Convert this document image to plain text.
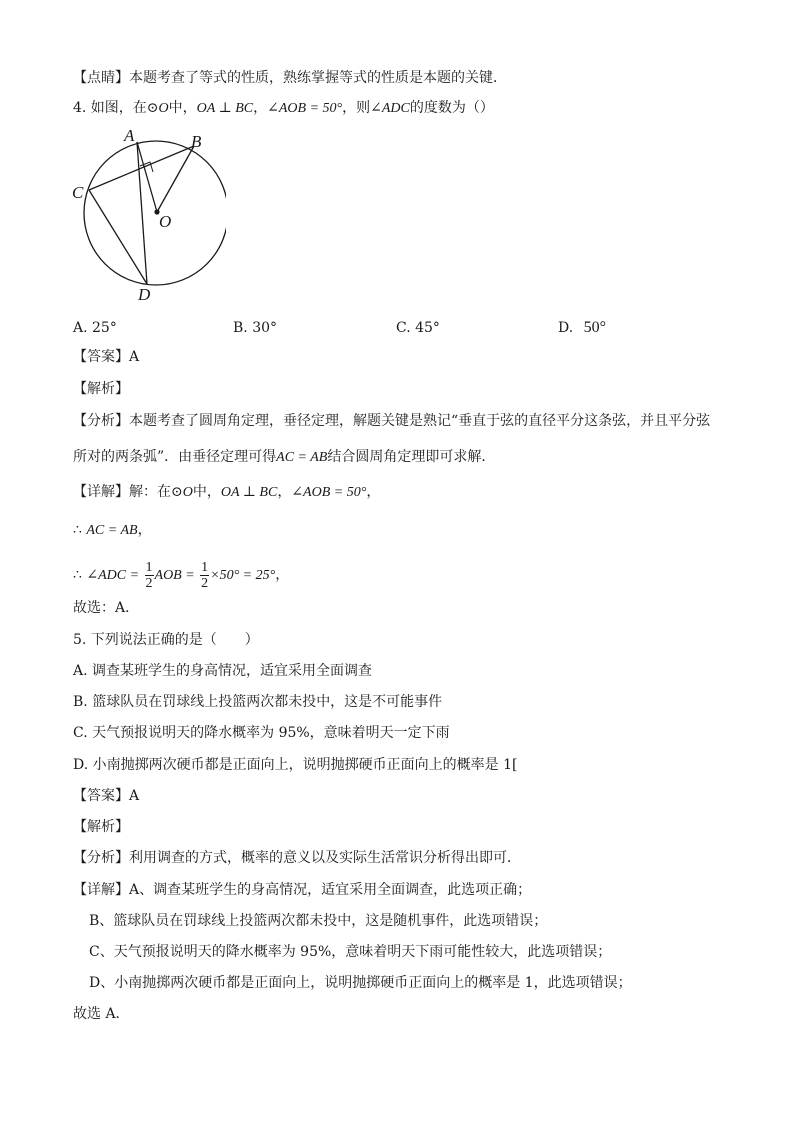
【点睛】本题考查了等式的性质，熟练掌握等式的性质是本题的关键．
4. 如图，在⊙O中，OA ⊥ BC，∠AOB = 50°，则∠ADC的度数为（）
A	B
C
O
D
A. 25°	B. 30°	C. 45°	D. 50°
【答案】A
【解析】
【分析】本题考查了圆周角定理，垂径定理，解题关键是熟记“垂直于弦的直径平分这条弦，并且平分弦
所对的两条弧”．由垂径定理可得AC = AB结合圆周角定理即可求解．
【详解】解：在⊙O中，OA ⊥ BC，∠AOB = 50°，
∴ AC = AB，
∴ ∠ADC = $\frac{1}{2}$ AOB = $\frac{1}{2} \times 50^\circ = 25^\circ$，
故选：A．
5. 下列说法正确的是（　　）
A. 调查某班学生的身高情况，适宜采用全面调查
B. 篮球队员在罚球线上投篮两次都未投中，这是不可能事件
C. 天气预报说明天的降水概率为 95%，意味着明天一定下雨
D. 小南抛掷两次硬币都是正面向上，说明抛掷硬币正面向上的概率是 1[
【答案】A
【解析】
【分析】利用调查的方式，概率的意义以及实际生活常识分析得出即可．
【详解】A、调查某班学生的身高情况，适宜采用全面调查，此选项正确；
B、篮球队员在罚球线上投篮两次都未投中，这是随机事件，此选项错误；
C、天气预报说明天的降水概率为 95%，意味着明天下雨可能性较大，此选项错误；
D、小南抛掷两次硬币都是正面向上，说明抛掷硬币正面向上的概率是 1，此选项错误；
故选 A．
